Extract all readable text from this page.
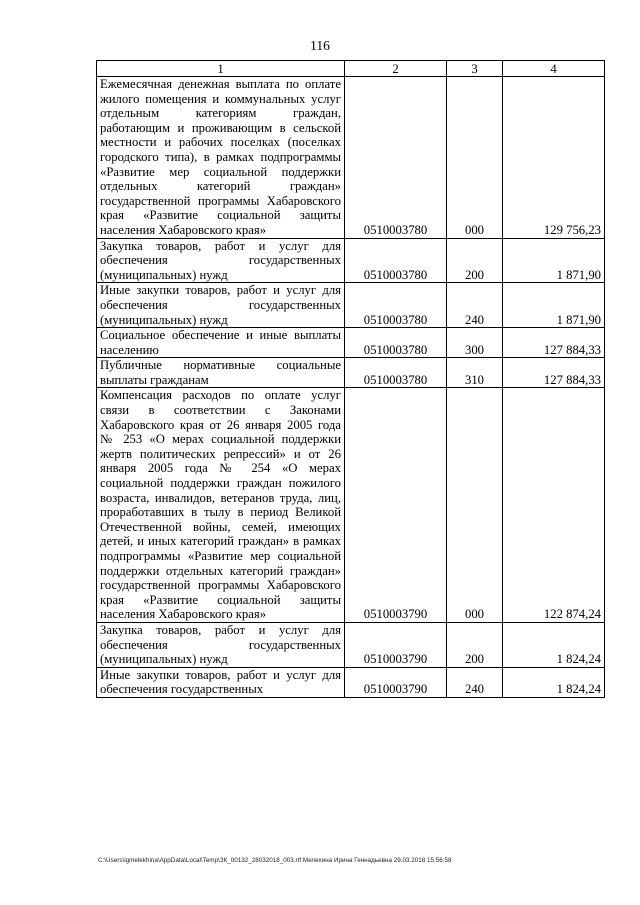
116
1	2	3	4
Ежемесячная денежная выплата по оплате жилого помещения и коммунальных услуг отдельным категориям граждан, работающим и проживающим в сельской местности и рабочих поселках (поселках городского типа), в рамках подпрограммы «Развитие мер социальной поддержки отдельных категорий граждан» государственной программы Хабаровского края «Развитие социальной защиты населения Хабаровского края»	0510003780	000	129 756,23
Закупка товаров, работ и услуг для обеспечения государственных (муниципальных) нужд	0510003780	200	1 871,90
Иные закупки товаров, работ и услуг для обеспечения государственных (муниципальных) нужд	0510003780	240	1 871,90
Социальное обеспечение и иные выплаты населению	0510003780	300	127 884,33
Публичные нормативные социальные выплаты гражданам	0510003780	310	127 884,33
Компенсация расходов по оплате услуг связи в соответствии с Законами Хабаровского края от 26 января 2005 года № 253 «О мерах социальной поддержки жертв политических репрессий» и от 26 января 2005 года № 254 «О мерах социальной поддержки граждан пожилого возраста, инвалидов, ветеранов труда, лиц, проработавших в тылу в период Великой Отечественной войны, семей, имеющих детей, и иных категорий граждан» в рамках подпрограммы «Развитие мер социальной поддержки отдельных категорий граждан» государственной программы Хабаровского края «Развитие социальной защиты населения Хабаровского края»	0510003790	000	122 874,24
Закупка товаров, работ и услуг для обеспечения государственных (муниципальных) нужд	0510003790	200	1 824,24
Иные закупки товаров, работ и услуг для обеспечения государственных	0510003790	240	1 824,24
C:\Users\igmelekhina\AppData\Local\Temp\ЗК_00132_28032018_003.rtf Мелехина Ирина Геннадьевна 29.03.2018 15:56:58
